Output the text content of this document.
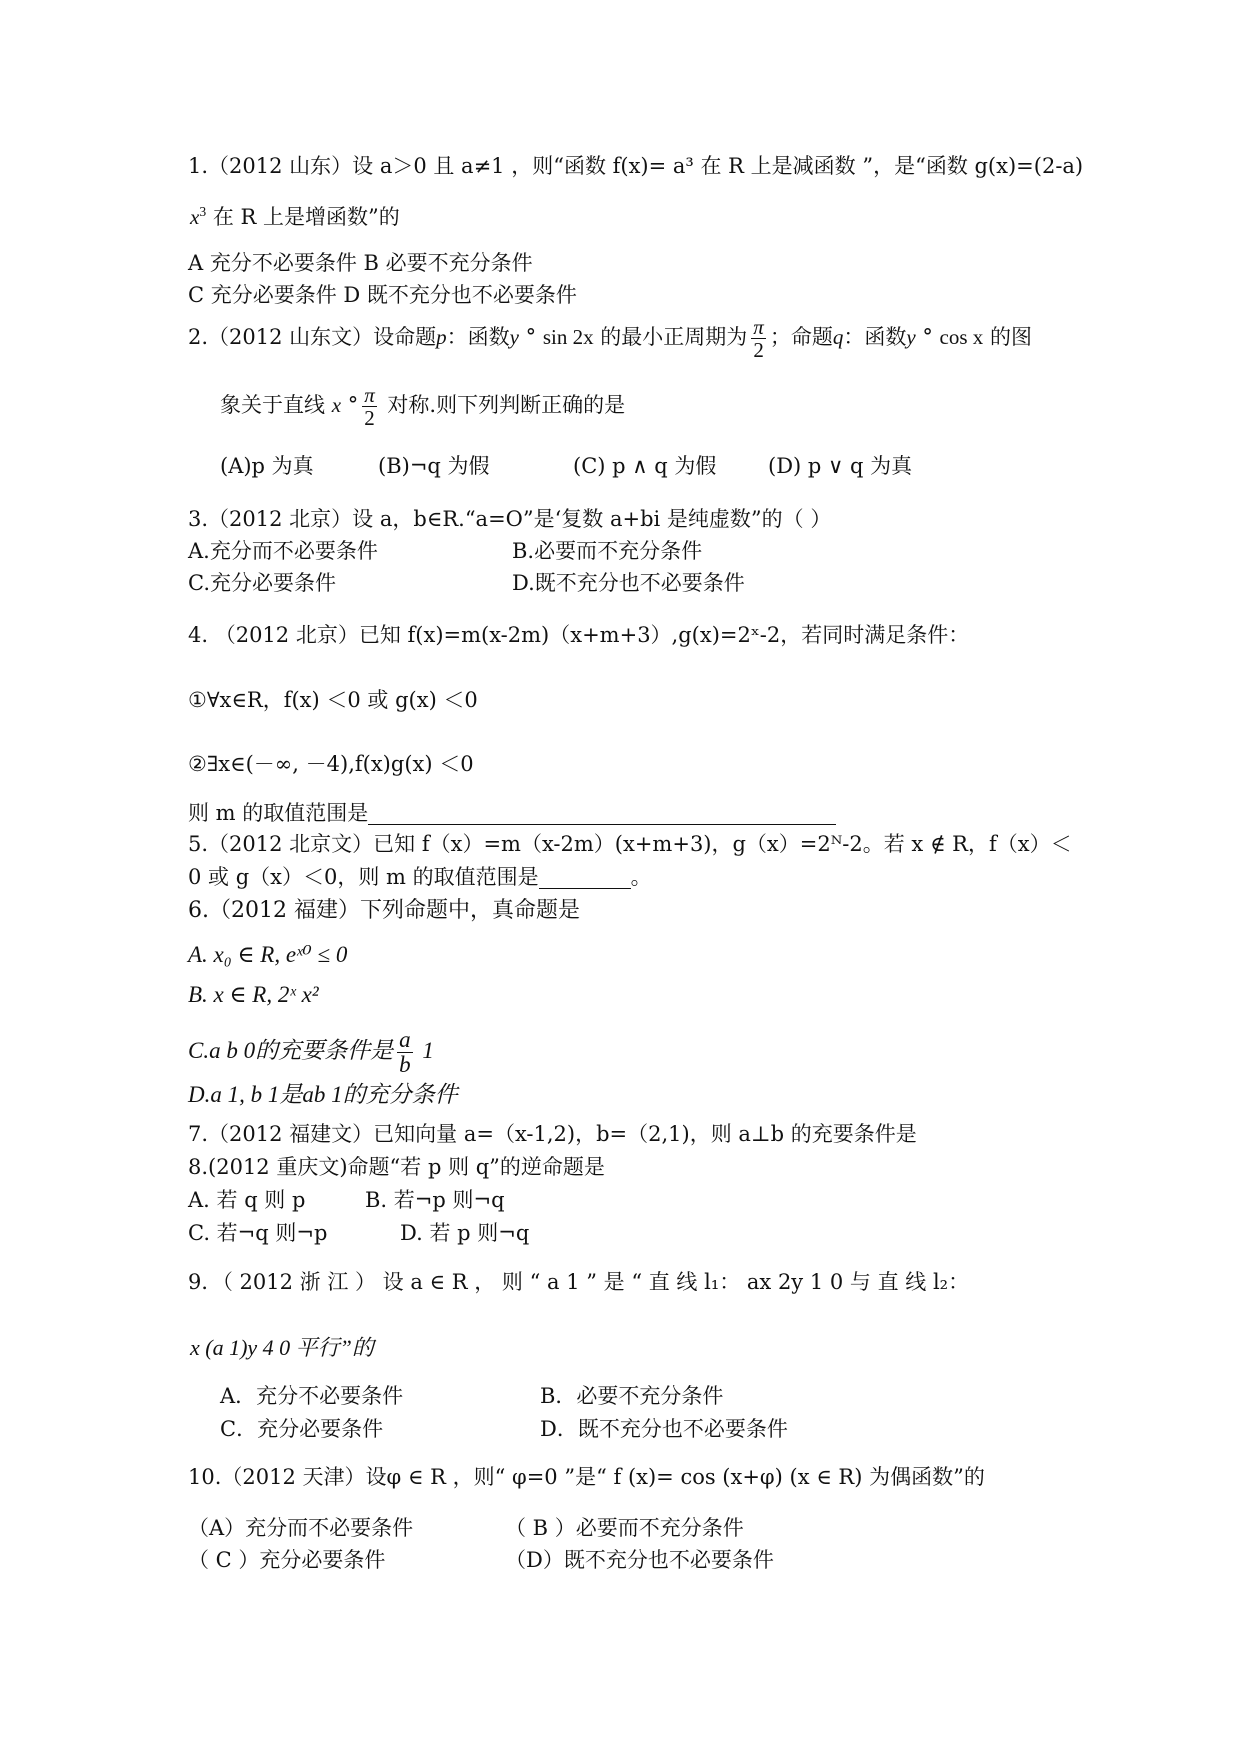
1.（2012 山东）设 a＞0 且 a≠1 ，则“函数 f(x)= a³ 在 R 上是减函数 ”，是“函数 g(x)=(2-a)
$x^3$ 在 R 上是增函数”的
A 充分不必要条件 B 必要不充分条件
C 充分必要条件 D 既不充分也不必要条件
2.（2012 山东文）设命题p：函数y ° sin 2x 的最小正周期为 $\frac{\pi}{2}$ ；命题q：函数y ° cos x 的图
象关于直线 x ° $\frac{\pi}{2}$ 对称.则下列判断正确的是
(A)p 为真	(B)¬q 为假	(C) p ∧ q 为假 (D) p ∨ q 为真
3.（2012 北京）设 a，b∈R.“a=O”是‘复数 a+bi 是纯虚数”的（ ）
A.充分而不必要条件	B.必要而不充分条件
C.充分必要条件	D.既不充分也不必要条件
4. （2012 北京）已知 f(x)=m(x-2m)（x+m+3）,g(x)=2ˣ-2，若同时满足条件：
①∀x∈R，f(x) ＜0 或 g(x) ＜0
②∃x∈(－∞, －4),f(x)g(x) ＜0
则 m 的取值范围是
5.（2012 北京文）已知 f（x）=m（x-2m）(x+m+3)，g（x）=2ᴺ-2。若 x ∉ R，f（x）＜
0 或 g（x）＜0，则 m 的取值范围是	。
6.（2012 福建）下列命题中，真命题是
A. x₀ ∈ R, eˣ⁰ ≤ 0
B. x ∈ R, 2ˣ x²
C.a b 0的充要条件是 $\frac{a}{b} 1$
D.a 1, b 1是ab 1的充分条件
7.（2012 福建文）已知向量 a=（x-1,2)，b=（2,1)，则 a⊥b 的充要条件是
8.(2012 重庆文)命题“若 p 则 q”的逆命题是
A. 若 q 则 p	B. 若¬p 则¬q
C. 若¬q 则¬p	D. 若 p 则¬q
9．（ 2012 浙 江 ） 设 a ∈ R ， 则 “ a 1 ” 是 “ 直 线 l₁： ax 2y 1 0 与 直 线 l₂：
x (a 1)y 4 0 平行”的
A．充分不必要条件	B．必要不充分条件
C．充分必要条件	D．既不充分也不必要条件
10.（2012 天津）设φ ∈ R ，则“ φ=0 ”是“ f (x)= cos (x+φ) (x ∈ R) 为偶函数”的
（A）充分而不必要条件	（ B ）必要而不充分条件
（ C ）充分必要条件	（D）既不充分也不必要条件
